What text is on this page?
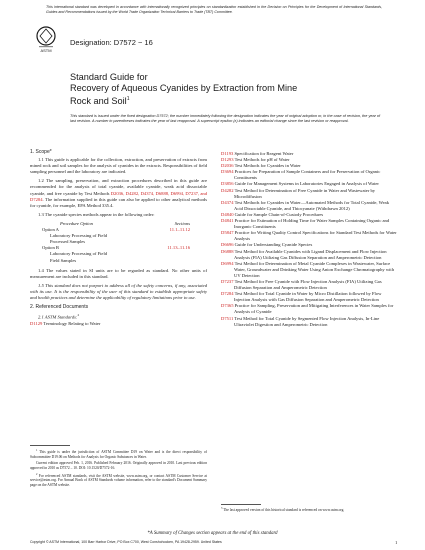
This international standard was developed in accordance with internationally recognized principles on standardization established in the Decision on Principles for the Development of International Standards, Guides and Recommendations issued by the World Trade Organization Technical Barriers to Trade (TBT) Committee.
ASTM
Designation: D7572 − 16
Standard Guide for
Recovery of Aqueous Cyanides by Extraction from Mine
Rock and Soil$^1$
This standard is issued under the fixed designation D7572; the number immediately following the designation indicates the year of original adoption or, in the case of revision, the year of last revision. A number in parentheses indicates the year of last reapproval. A superscript epsilon (ε) indicates an editorial change since the last revision or reapproval.
1. Scope*

1.1 This guide is applicable for the collection, extraction, and preservation of extracts from mined rock and soil samples for the analysis of cyanides in the extracts. Responsibilities of field sampling personnel and the laboratory are indicated.

1.2 The sampling, preservation, and extraction procedures described in this guide are recommended for the analysis of total cyanide, available cyanide, weak acid dissociable cyanide, and free cyanide by Test Methods D2036, D4282, D4374, D6888, D6994, D7237, and D7284. The information supplied in this guide can also be applied to other analytical methods for cyanide, for example, EPA Method 335.4.

1.3 The cyanide species methods appear in the following order:

Procedure Option	Sections
Option A	11.1–11.12
Laboratory Processing of Field
Processed Samples
Option B	11.13–11.16
Laboratory Processing of Field
Field Samples

1.4 The values stated in SI units are to be regarded as standard. No other units of measurement are included in this standard.

1.5 This standard does not purport to address all of the safety concerns, if any, associated with its use. It is the responsibility of the user of this standard to establish appropriate safety and health practices and determine the applicability of regulatory limitations prior to use.

2. Referenced Documents

2.1 ASTM Standards:$^2$

D1129 Terminology Relating to Water

D1193 Specification for Reagent Water

D1293 Test Methods for pH of Water

D2036 Test Methods for Cyanides in Water

D3694 Practices for Preparation of Sample Containers and for Preservation of Organic Constituents

D3856 Guide for Management Systems in Laboratories Engaged in Analysis of Water

D4282 Test Method for Determination of Free Cyanide in Water and Wastewater by Microdiffusion

D4374 Test Methods for Cyanides in Water—Automated Methods for Total Cyanide, Weak Acid Dissociable Cyanide, and Thiocyanate (Withdrawn 2012)

D4840 Guide for Sample Chain-of-Custody Procedures

D4841 Practice for Estimation of Holding Time for Water Samples Containing Organic and Inorganic Constituents

D5847 Practice for Writing Quality Control Specifications for Standard Test Methods for Water Analysis

D6696 Guide for Understanding Cyanide Species

D6888 Test Method for Available Cyanides with Ligand Displacement and Flow Injection Analysis (FIA) Utilizing Gas Diffusion Separation and Amperometric Detection

D6994 Test Method for Determination of Metal Cyanide Complexes in Wastewater, Surface Water, Groundwater and Drinking Water Using Anion Exchange Chromatography with UV Detection

D7237 Test Method for Free Cyanide with Flow Injection Analysis (FIA) Utilizing Gas Diffusion Separation and Amperometric Detection

D7284 Test Method for Total Cyanide in Water by Micro Distillation followed by Flow Injection Analysis with Gas Diffusion Separation and Amperometric Detection

D7365 Practice for Sampling, Preservation and Mitigating Interferences in Water Samples for Analysis of Cyanide

D7511 Test Method for Total Cyanide by Segmented Flow Injection Analysis, In-Line Ultraviolet Digestion and Amperometric Detection

$^1$ This guide is under the jurisdiction of ASTM Committee D19 on Water and is the direct responsibility of Subcommittee D19.06 on Methods for Analysis for Organic Substances in Water.

Current edition approved Feb. 1, 2016. Published February 2016. Originally approved in 2010. Last previous edition approved in 2010 as D7572 – 10. DOI: 10.1520/D7572-16.

$^2$ For referenced ASTM standards, visit the ASTM website, www.astm.org, or contact ASTM Customer Service at service@astm.org. For Annual Book of ASTM Standards volume information, refer to the standard's Document Summary page on the ASTM website.

$^3$ The last approved version of this historical standard is referenced on www.astm.org.
*A Summary of Changes section appears at the end of this standard
Copyright © ASTM International, 100 Barr Harbor Drive, PO Box C700, West Conshohocken, PA 19428-2959. United States	1
